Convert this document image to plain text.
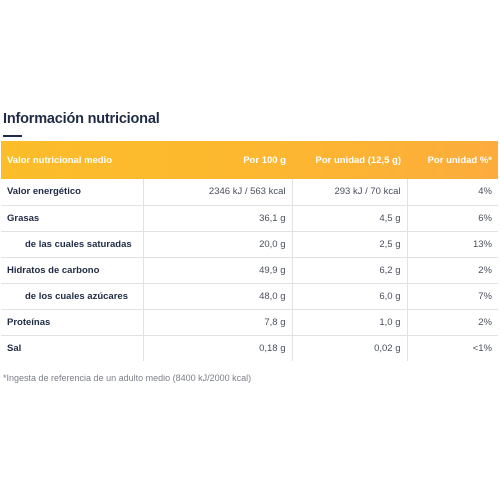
Información nutricional
Valor nutricional medio	Por 100 g	Por unidad (12,5 g)	Por unidad %*
Valor energético	2346 kJ / 563 kcal	293 kJ / 70 kcal	4%
Grasas	36,1 g	4,5 g	6%
de las cuales saturadas	20,0 g	2,5 g	13%
Hidratos de carbono	49,9 g	6,2 g	2%
de los cuales azúcares	48,0 g	6,0 g	7%
Proteínas	7,8 g	1,0 g	2%
Sal	0,18 g	0,02 g	<1%
*Ingesta de referencia de un adulto medio (8400 kJ/2000 kcal)
